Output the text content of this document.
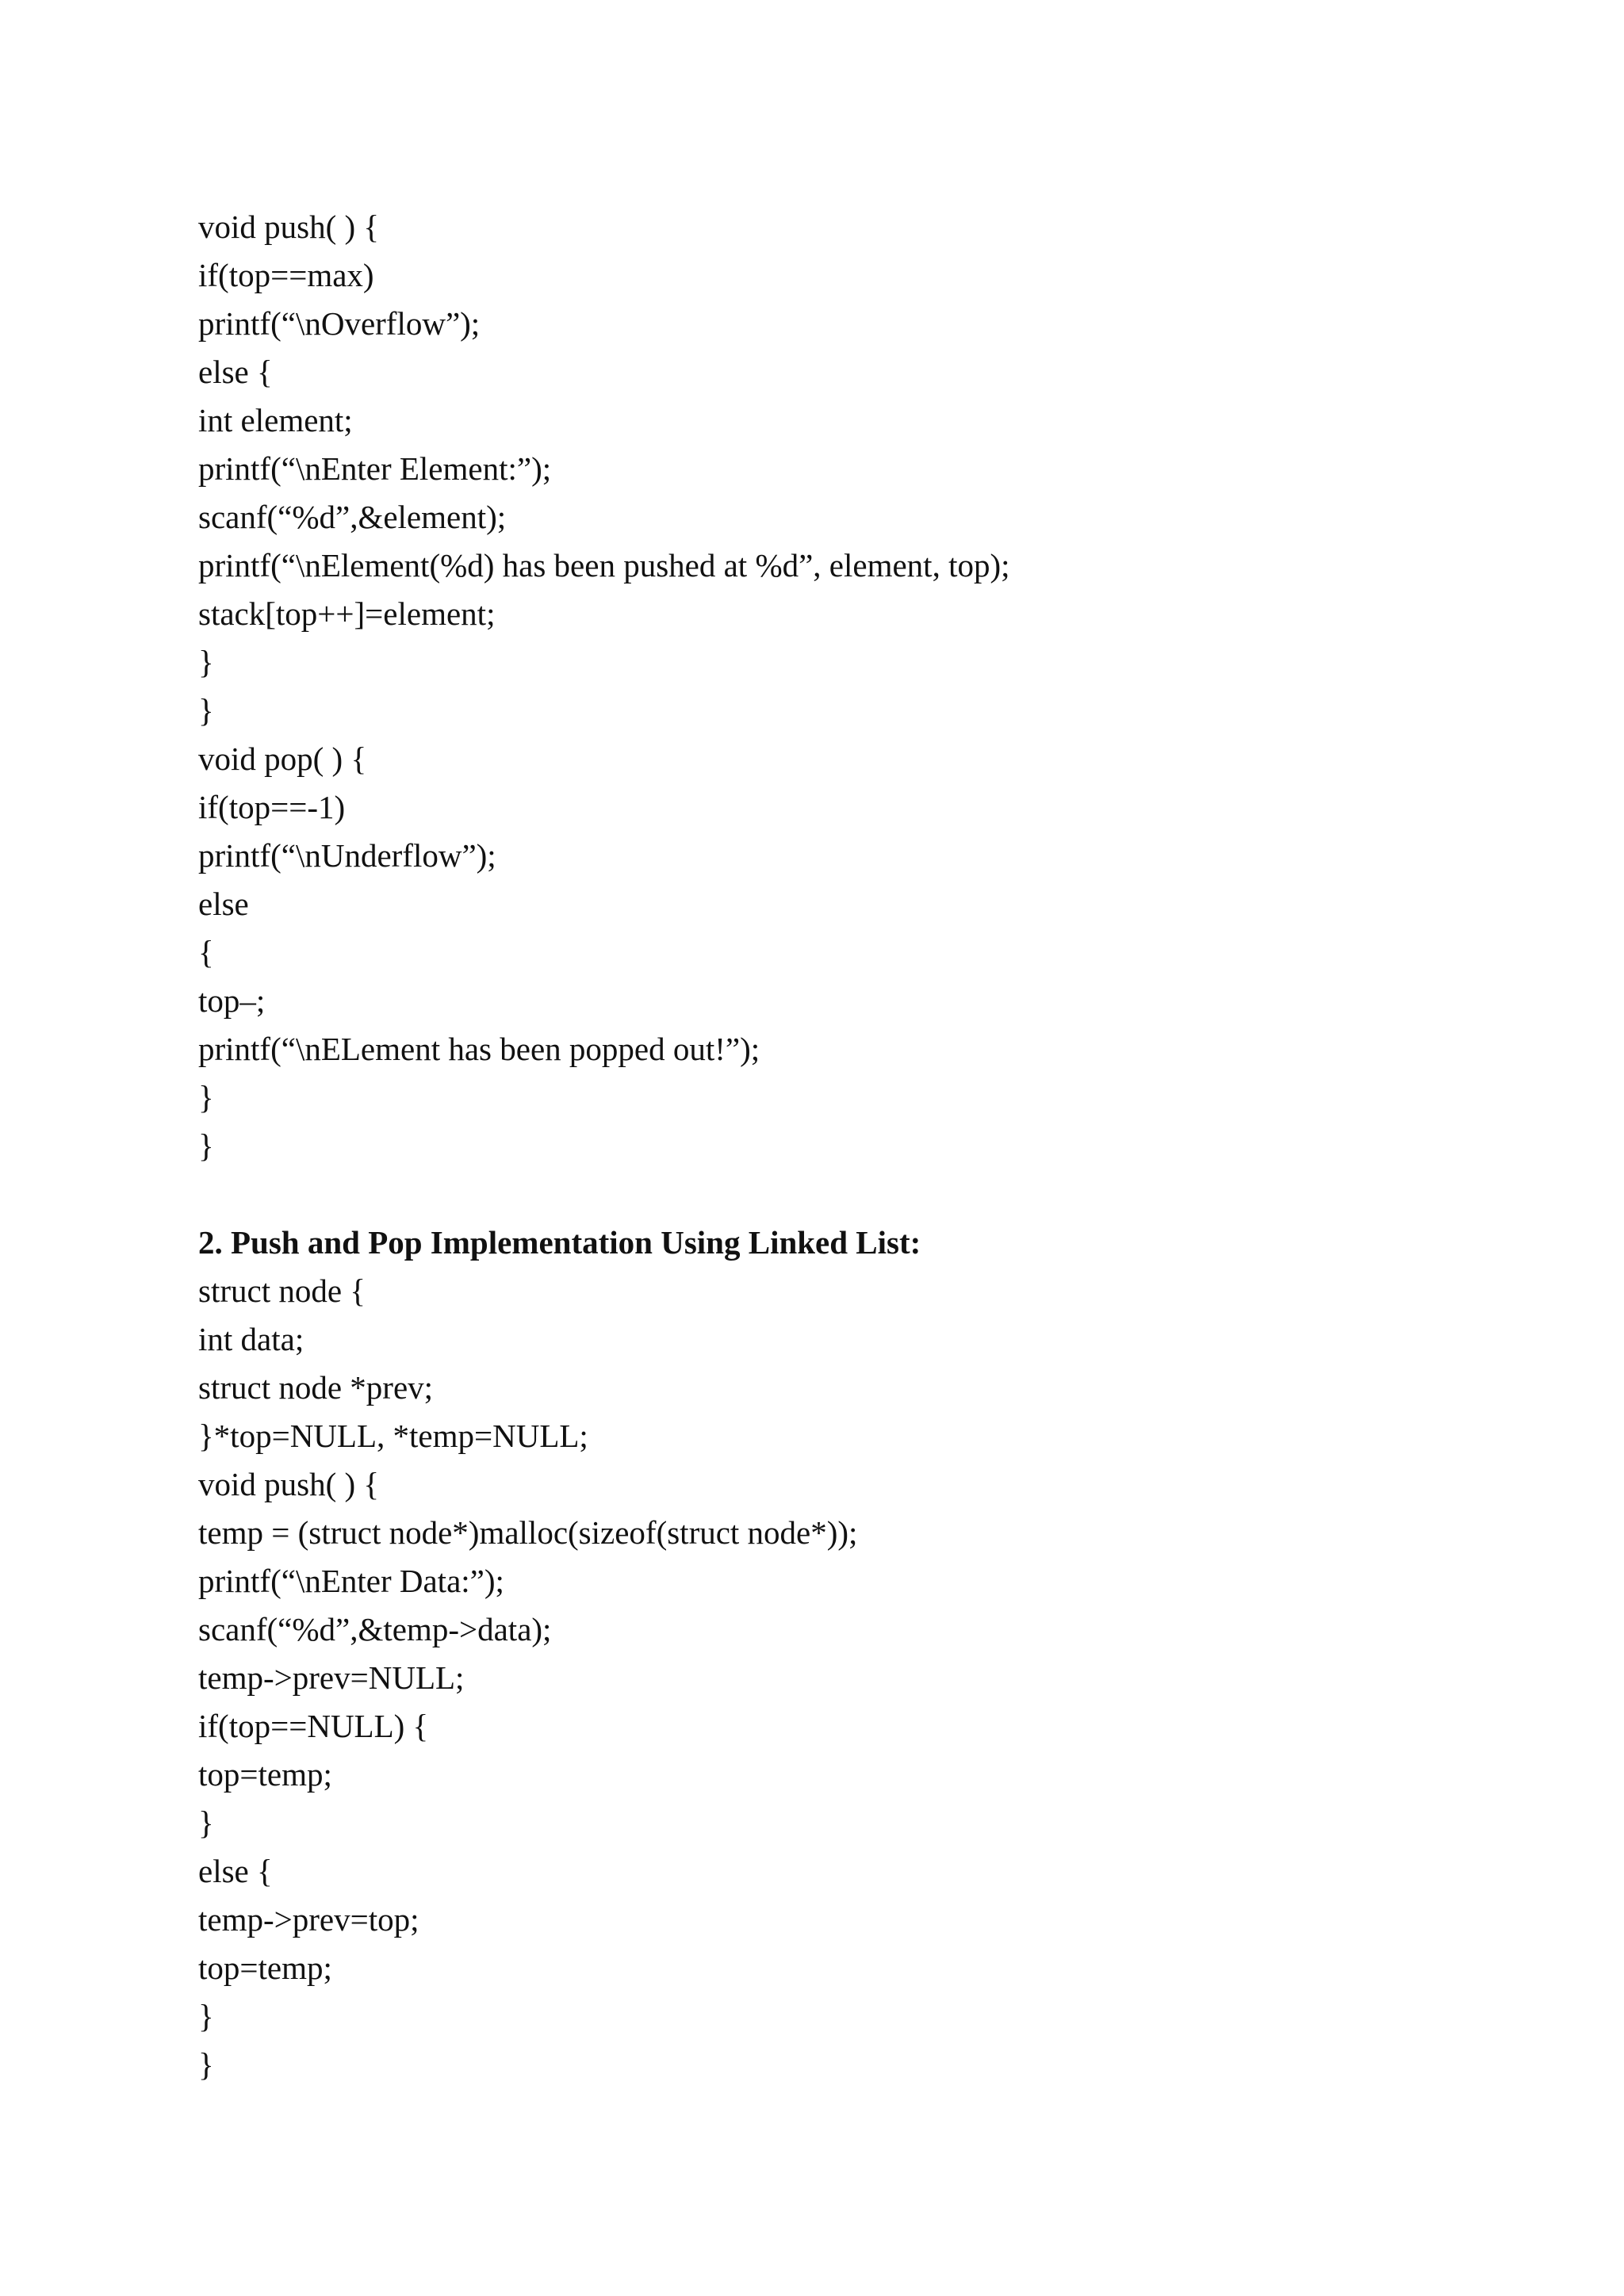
void push( ) {
if(top==max)
printf(“\nOverflow”);
else {
int element;
printf(“\nEnter Element:”);
scanf(“%d”,&element);
printf(“\nElement(%d) has been pushed at %d”, element, top);
stack[top++]=element;
}
}
void pop( ) {
if(top==-1)
printf(“\nUnderflow”);
else
{
top–;
printf(“\nELement has been popped out!”);
}
}
2. Push and Pop Implementation Using Linked List:
struct node {
int data;
struct node *prev;
}*top=NULL, *temp=NULL;
void push( ) {
temp = (struct node*)malloc(sizeof(struct node*));
printf(“\nEnter Data:”);
scanf(“%d”,&temp->data);
temp->prev=NULL;
if(top==NULL) {
top=temp;
}
else {
temp->prev=top;
top=temp;
}
}
